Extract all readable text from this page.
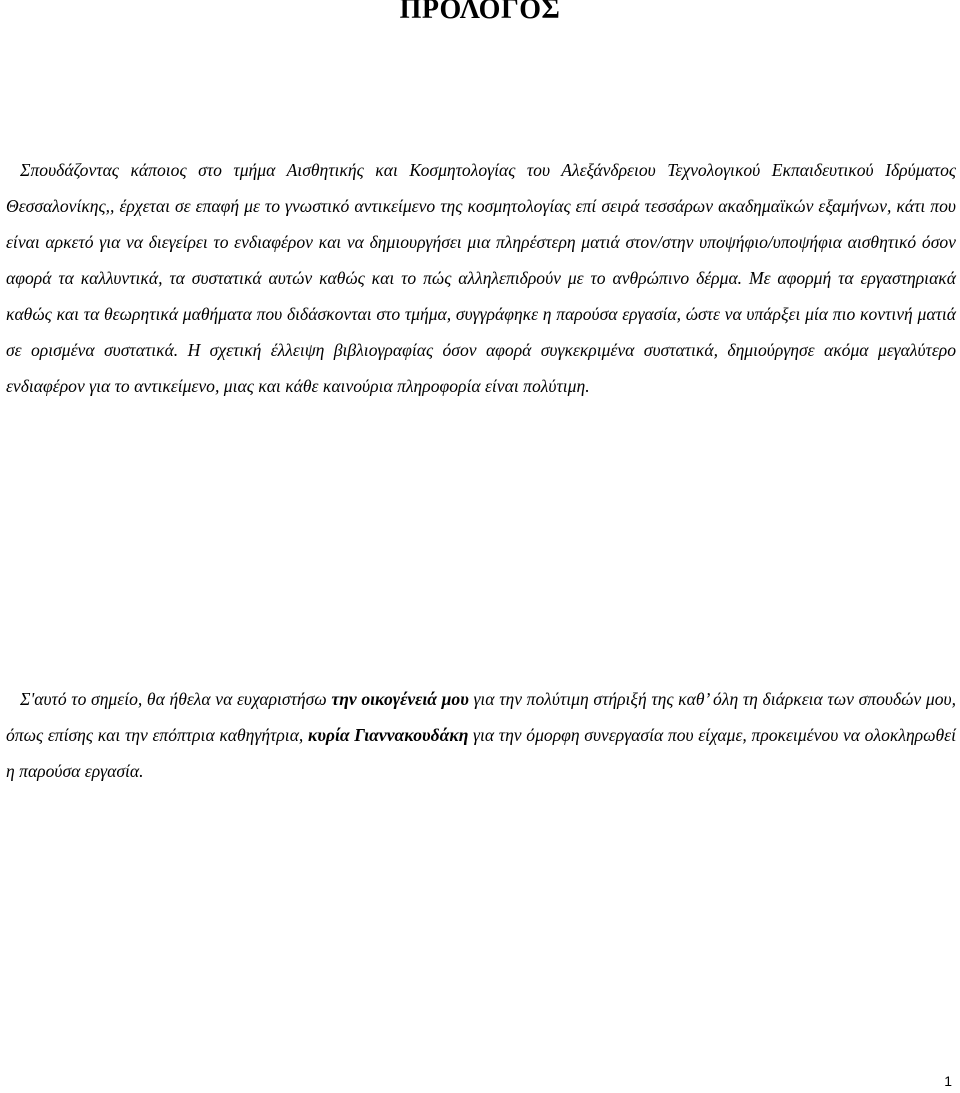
ΠΡΟΛΟΓΟΣ

Σπουδάζοντας κάποιος στο τμήμα Αισθητικής και Κοσμητολογίας του Αλεξάνδρειου Τεχνολογικού Εκπαιδευτικού Ιδρύματος Θεσσαλονίκης,, έρχεται σε επαφή με το γνωστικό αντικείμενο της κοσμητολογίας επί σειρά τεσσάρων ακαδημαϊκών εξαμήνων, κάτι που είναι αρκετό για να διεγείρει το ενδιαφέρον και να δημιουργήσει μια πληρέστερη ματιά στον/στην υποψήφιο/υποψήφια αισθητικό όσον αφορά τα καλλυντικά, τα συστατικά αυτών καθώς και το πώς αλληλεπιδρούν με το ανθρώπινο δέρμα. Με αφορμή τα εργαστηριακά καθώς και τα θεωρητικά μαθήματα που διδάσκονται στο τμήμα, συγγράφηκε η παρούσα εργασία, ώστε να υπάρξει μία πιο κοντινή ματιά σε ορισμένα συστατικά. Η σχετική έλλειψη βιβλιογραφίας όσον αφορά συγκεκριμένα συστατικά, δημιούργησε ακόμα μεγαλύτερο ενδιαφέρον για το αντικείμενο, μιας και κάθε καινούρια πληροφορία είναι πολύτιμη.

Σ'αυτό το σημείο, θα ήθελα να ευχαριστήσω την οικογένειά μου για την πολύτιμη στήριξή της καθ’ όλη τη διάρκεια των σπουδών μου, όπως επίσης και την επόπτρια καθηγήτρια, κυρία Γιαννακουδάκη για την όμορφη συνεργασία που είχαμε, προκειμένου να ολοκληρωθεί η παρούσα εργασία.

1
